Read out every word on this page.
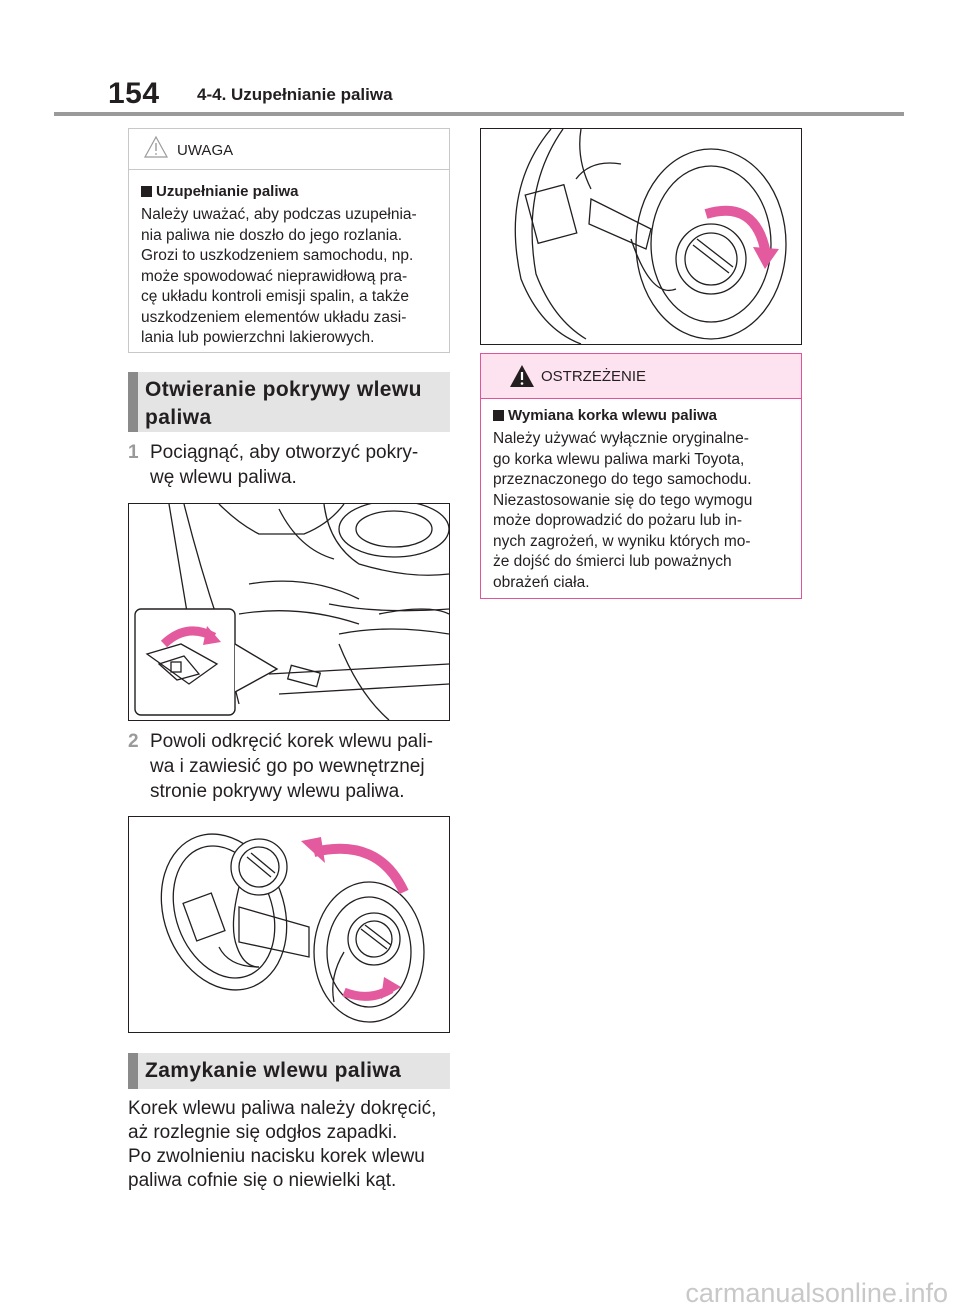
154 4-4. Uzupełnianie paliwa
UWAGA
Uzupełnianie paliwa
Należy uważać, aby podczas uzupełnia-
nia paliwa nie doszło do jego rozlania.
Grozi to uszkodzeniem samochodu, np.
może spowodować nieprawidłową pra-
cę układu kontroli emisji spalin, a także
uszkodzeniem elementów układu zasi-
lania lub powierzchni lakierowych.
Otwieranie pokrywy wlewu
paliwa
1 Pociągnąć, aby otworzyć pokry-
wę wlewu paliwa.
2 Powoli odkręcić korek wlewu pali-
wa i zawiesić go po wewnętrznej
stronie pokrywy wlewu paliwa.
Zamykanie wlewu paliwa
Korek wlewu paliwa należy dokręcić,
aż rozlegnie się odgłos zapadki.
Po zwolnieniu nacisku korek wlewu
paliwa cofnie się o niewielki kąt.
OSTRZEŻENIE
Wymiana korka wlewu paliwa
Należy używać wyłącznie oryginalne-
go korka wlewu paliwa marki Toyota,
przeznaczonego do tego samochodu.
Niezastosowanie się do tego wymogu
może doprowadzić do pożaru lub in-
nych zagrożeń, w wyniku których mo-
że dojść do śmierci lub poważnych
obrażeń ciała.
carmanualsonline.info
